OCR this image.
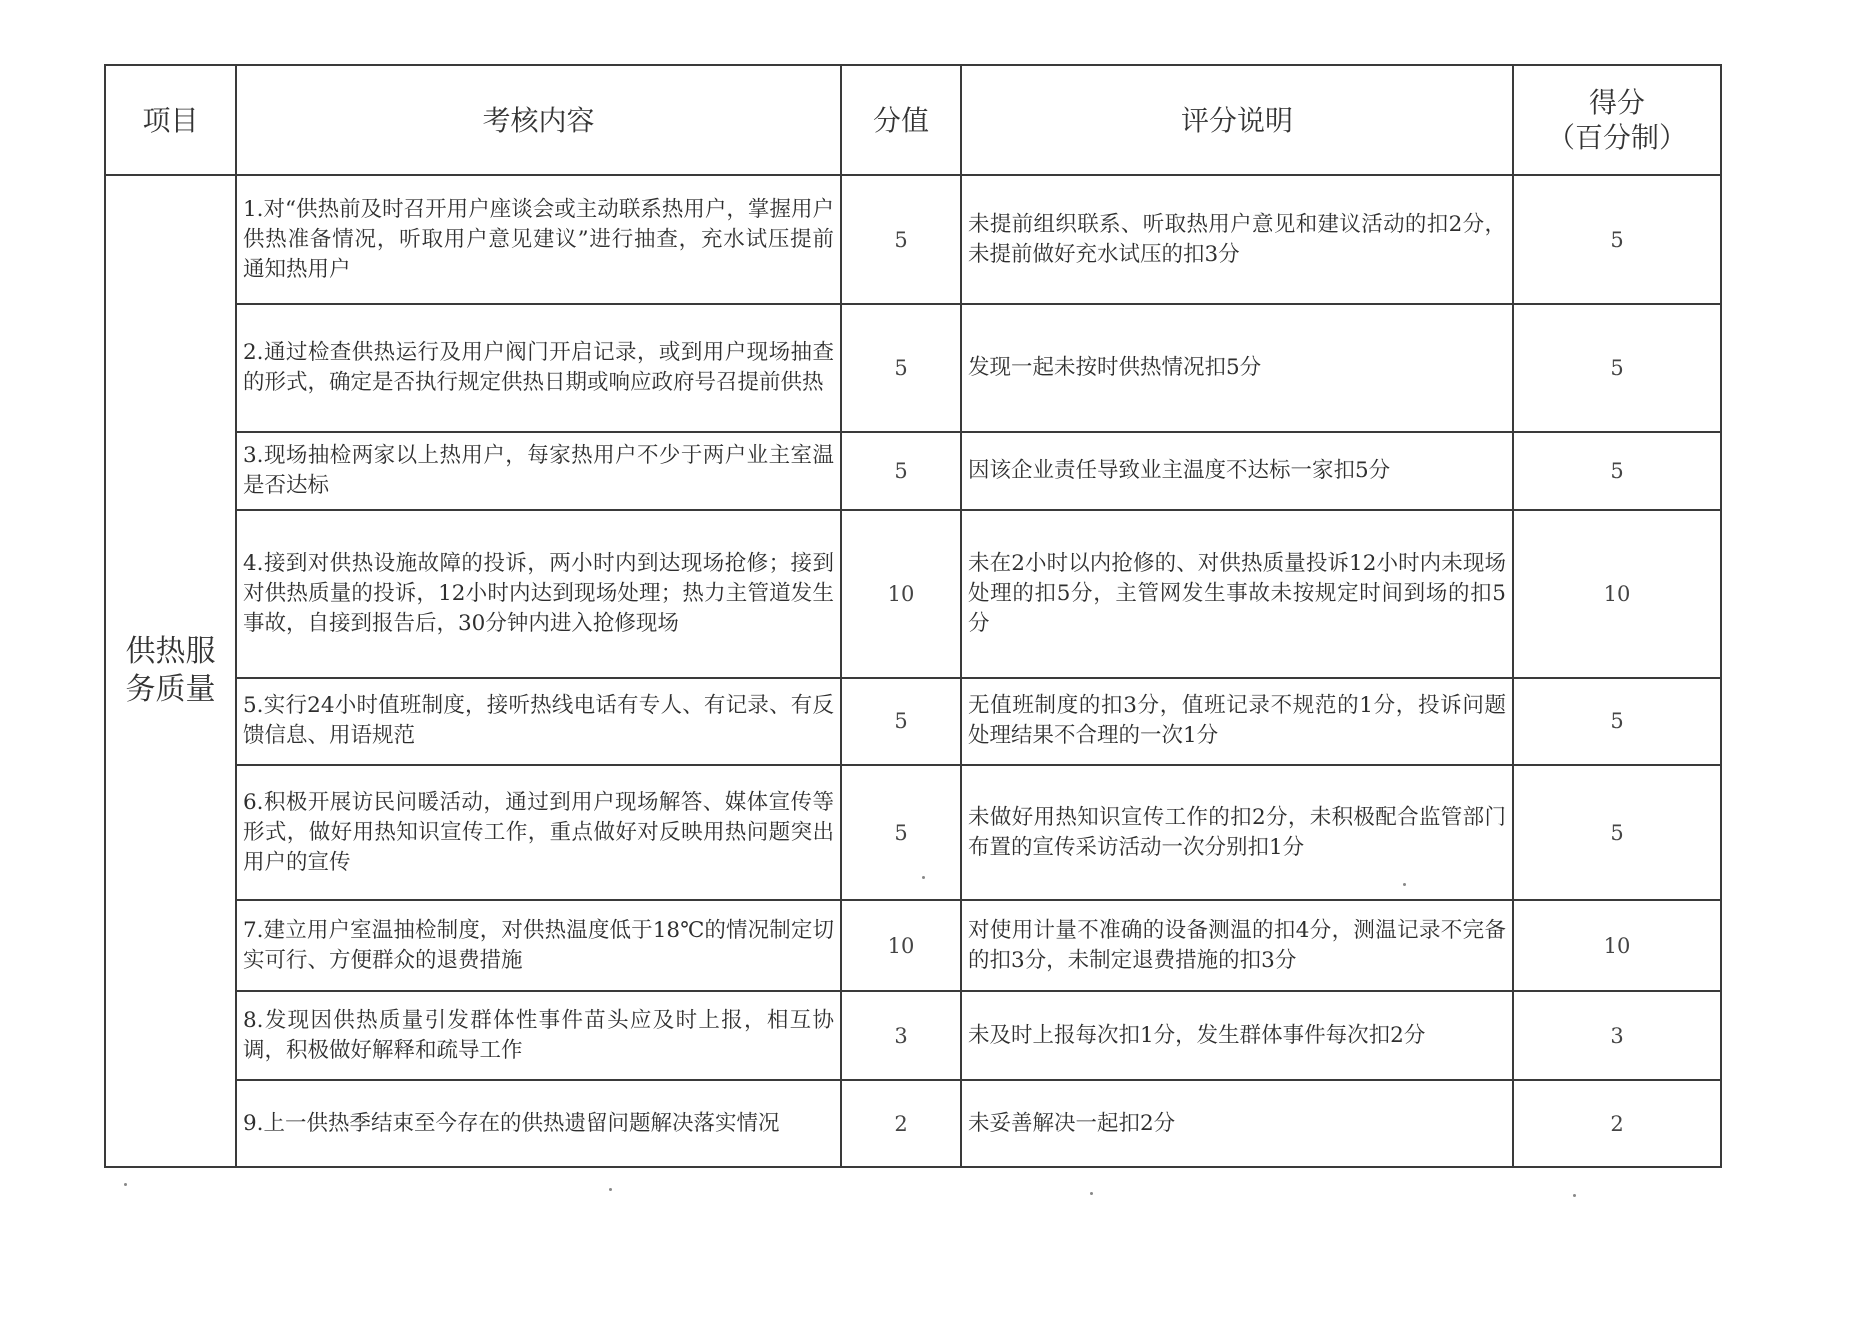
项目	考核内容	分值	评分说明	得分
（百分制）

供热服务质量	1.对“供热前及时召开用户座谈会或主动联系热用户，掌握用户供热准备情况，听取用户意见建议”进行抽查，充水试压提前通知热用户	5	未提前组织联系、听取热用户意见和建议活动的扣2分，未提前做好充水试压的扣3分	5
	2.通过检查供热运行及用户阀门开启记录，或到用户现场抽查的形式，确定是否执行规定供热日期或响应政府号召提前供热	5	发现一起未按时供热情况扣5分	5
	3.现场抽检两家以上热用户，每家热用户不少于两户业主室温是否达标	5	因该企业责任导致业主温度不达标一家扣5分	5
	4.接到对供热设施故障的投诉，两小时内到达现场抢修；接到对供热质量的投诉，12小时内达到现场处理；热力主管道发生事故，自接到报告后，30分钟内进入抢修现场	10	未在2小时以内抢修的、对供热质量投诉12小时内未现场处理的扣5分，主管网发生事故未按规定时间到场的扣5分	10
	5.实行24小时值班制度，接听热线电话有专人、有记录、有反馈信息、用语规范	5	无值班制度的扣3分，值班记录不规范的1分，投诉问题处理结果不合理的一次1分	5
	6.积极开展访民问暖活动，通过到用户现场解答、媒体宣传等形式，做好用热知识宣传工作，重点做好对反映用热问题突出用户的宣传	5	未做好用热知识宣传工作的扣2分，未积极配合监管部门布置的宣传采访活动一次分别扣1分	5
	7.建立用户室温抽检制度，对供热温度低于18℃的情况制定切实可行、方便群众的退费措施	10	对使用计量不准确的设备测温的扣4分，测温记录不完备的扣3分，未制定退费措施的扣3分	10
	8.发现因供热质量引发群体性事件苗头应及时上报，相互协调，积极做好解释和疏导工作	3	未及时上报每次扣1分，发生群体事件每次扣2分	3
	9.上一供热季结束至今存在的供热遗留问题解决落实情况	2	未妥善解决一起扣2分	2
